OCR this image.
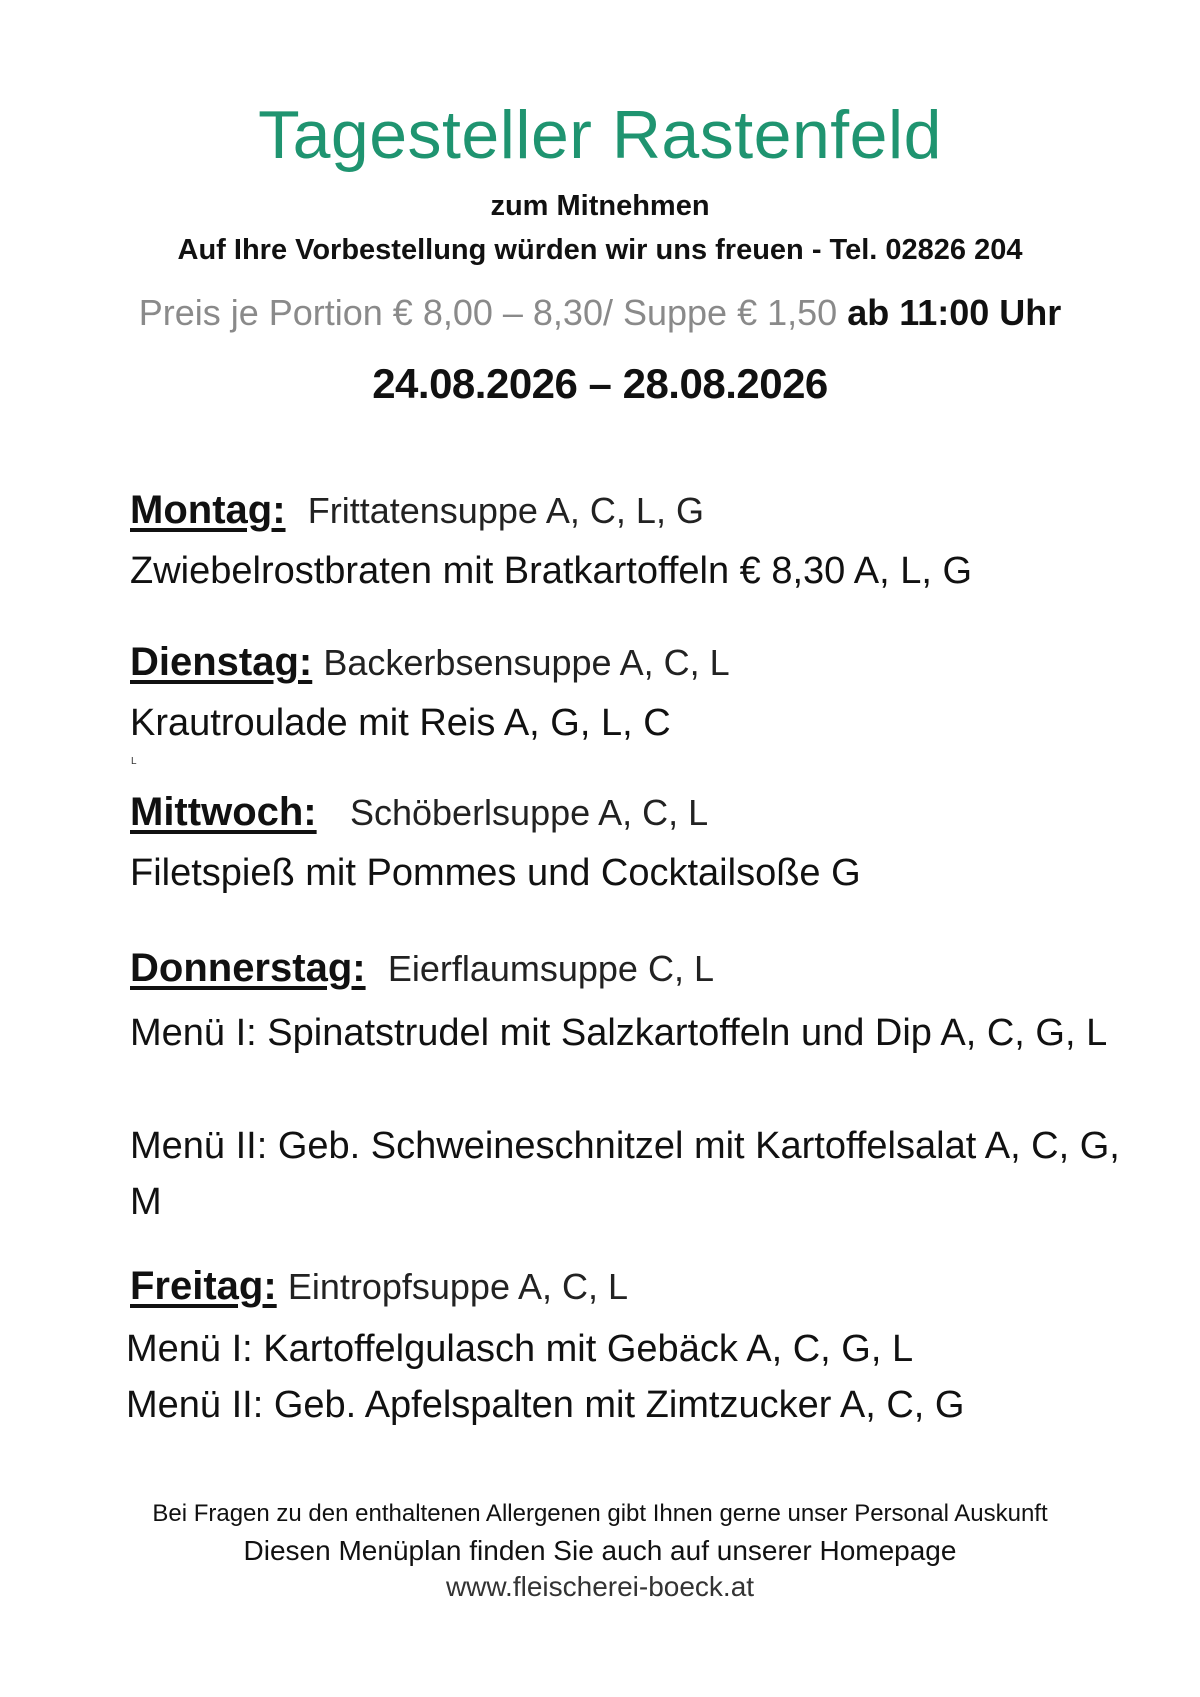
Tagesteller Rastenfeld
zum Mitnehmen
Auf Ihre Vorbestellung würden wir uns freuen - Tel. 02826 204
Preis je Portion € 8,00 – 8,30/ Suppe € 1,50 ab 11:00 Uhr
24.08.2026 – 28.08.2026
Montag: Frittatensuppe A, C, L, G
Zwiebelrostbraten mit Bratkartoffeln € 8,30 A, L, G
Dienstag: Backerbsensuppe A, C, L
Krautroulade mit Reis A, G, L, C
L
Mittwoch: Schöberlsuppe A, C, L
Filetspieß mit Pommes und Cocktailsoße G
Donnerstag: Eierflaumsuppe C, L
Menü I: Spinatstrudel mit Salzkartoffeln und Dip A, C, G, L
Menü II: Geb. Schweineschnitzel mit Kartoffelsalat A, C, G, M
Freitag: Eintropfsuppe A, C, L
Menü I: Kartoffelgulasch mit Gebäck A, C, G, L
Menü II: Geb. Apfelspalten mit Zimtzucker A, C, G
Bei Fragen zu den enthaltenen Allergenen gibt Ihnen gerne unser Personal Auskunft
Diesen Menüplan finden Sie auch auf unserer Homepage
www.fleischerei-boeck.at
